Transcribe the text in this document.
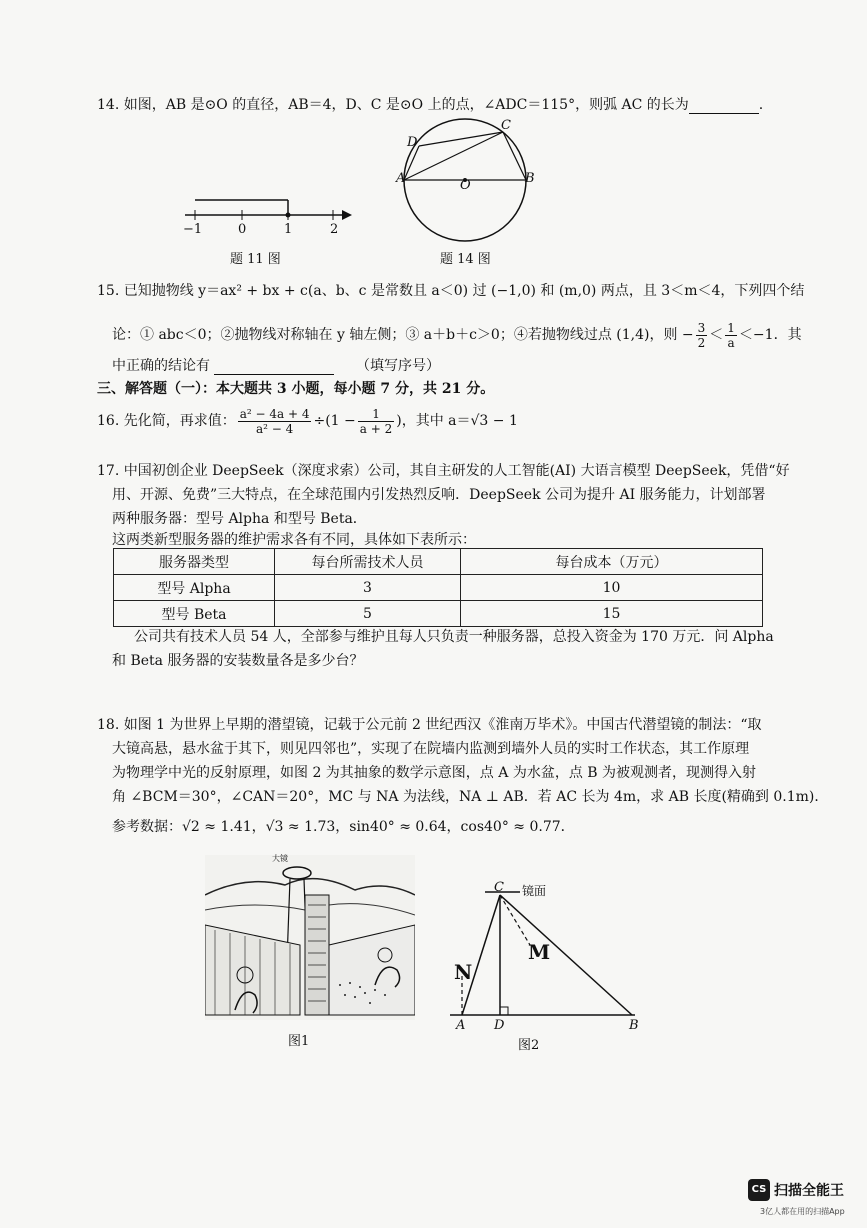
14. 如图，AB 是⊙O 的直径，AB＝4，D、C 是⊙O 上的点，∠ADC＝115°，则弧 AC 的长为	.
−1	0	1	2
题 11 图
A	B
C
D
O
题 14 图
15. 已知抛物线 y＝ax² + bx + c(a、b、c 是常数且 a＜0) 过 (−1,0) 和 (m,0) 两点，且 3＜m＜4，下列四个结
论：① abc＜0；②抛物线对称轴在 y 轴左侧；③ a＋b＋c＞0；④若抛物线过点 (1,4)，则 − $\frac{3}{2} < \frac{1}{a} <-1$．其
中正确的结论有	（填写序号）
三、解答题（一）：本大题共 3 小题，每小题 7 分，共 21 分。
16. 先化简，再求值： $\frac{\text{a² − 4a + 4}}{\text{a² − 4}} \div(1 - \frac{1}{a + 2}$ )，其中 a＝√3 − 1
17. 中国初创企业 DeepSeek（深度求索）公司，其自主研发的人工智能(AI) 大语言模型 DeepSeek，凭借“好
用、开源、免费”三大特点，在全球范围内引发热烈反响．DeepSeek 公司为提升 AI 服务能力，计划部署
两种服务器：型号 Alpha 和型号 Beta．
这两类新型服务器的维护需求各有不同，具体如下表所示：
服务器类型	每台所需技术人员	每台成本（万元）
型号 Alpha	3	10
型号 Beta	5	15
公司共有技术人员 54 人，全部参与维护且每人只负责一种服务器，总投入资金为 170 万元．问 Alpha
和 Beta 服务器的安装数量各是多少台？
18. 如图 1 为世界上早期的潜望镜，记载于公元前 2 世纪西汉《淮南万毕术》。中国古代潜望镜的制法：“取
大镜高悬，悬水盆于其下，则见四邻也”，实现了在院墙内监测到墙外人员的实时工作状态，其工作原理
为物理学中光的反射原理，如图 2 为其抽象的数学示意图，点 A 为水盆，点 B 为被观测者，现测得入射
角 ∠BCM＝30°，∠CAN＝20°，MC 与 NA 为法线，NA ⊥ AB．若 AC 长为 4m，求 AB 长度(精确到 0.1m)．
参考数据：√2 ≈ 1.41，√3 ≈ 1.73，sin40° ≈ 0.64，cos40° ≈ 0.77．
大镜
图1
C 镜面
A D	B
N
M
图2
CS 扫描全能王
3亿人都在用的扫描App
